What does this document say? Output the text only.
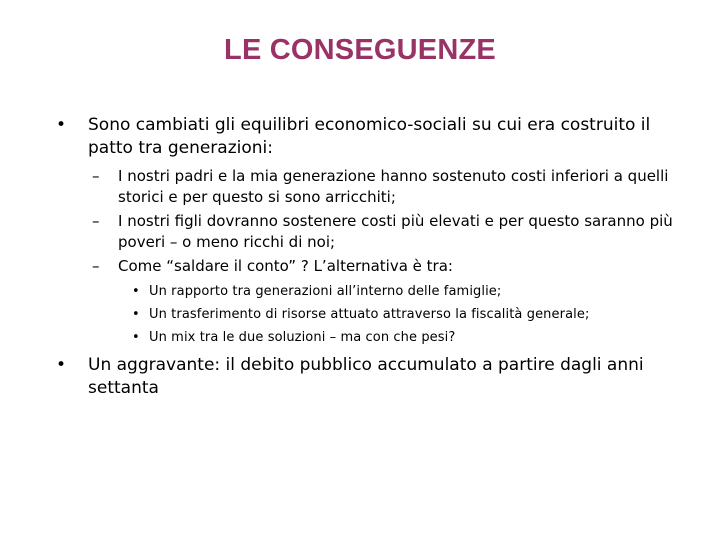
LE CONSEGUENZE
• Sono cambiati gli equilibri economico-sociali su cui era costruito il patto tra generazioni:
– I nostri padri e la mia generazione hanno sostenuto costi inferiori a quelli storici e per questo si sono arricchiti;
– I nostri figli dovranno sostenere costi più elevati e per questo saranno più poveri – o meno ricchi di noi;
– Come “saldare il conto” ? L’alternativa è tra:
• Un rapporto tra generazioni all’interno delle famiglie;
• Un trasferimento di risorse attuato attraverso la fiscalità generale;
• Un mix tra le due soluzioni – ma con che pesi?
• Un aggravante: il debito pubblico accumulato a partire dagli anni settanta
